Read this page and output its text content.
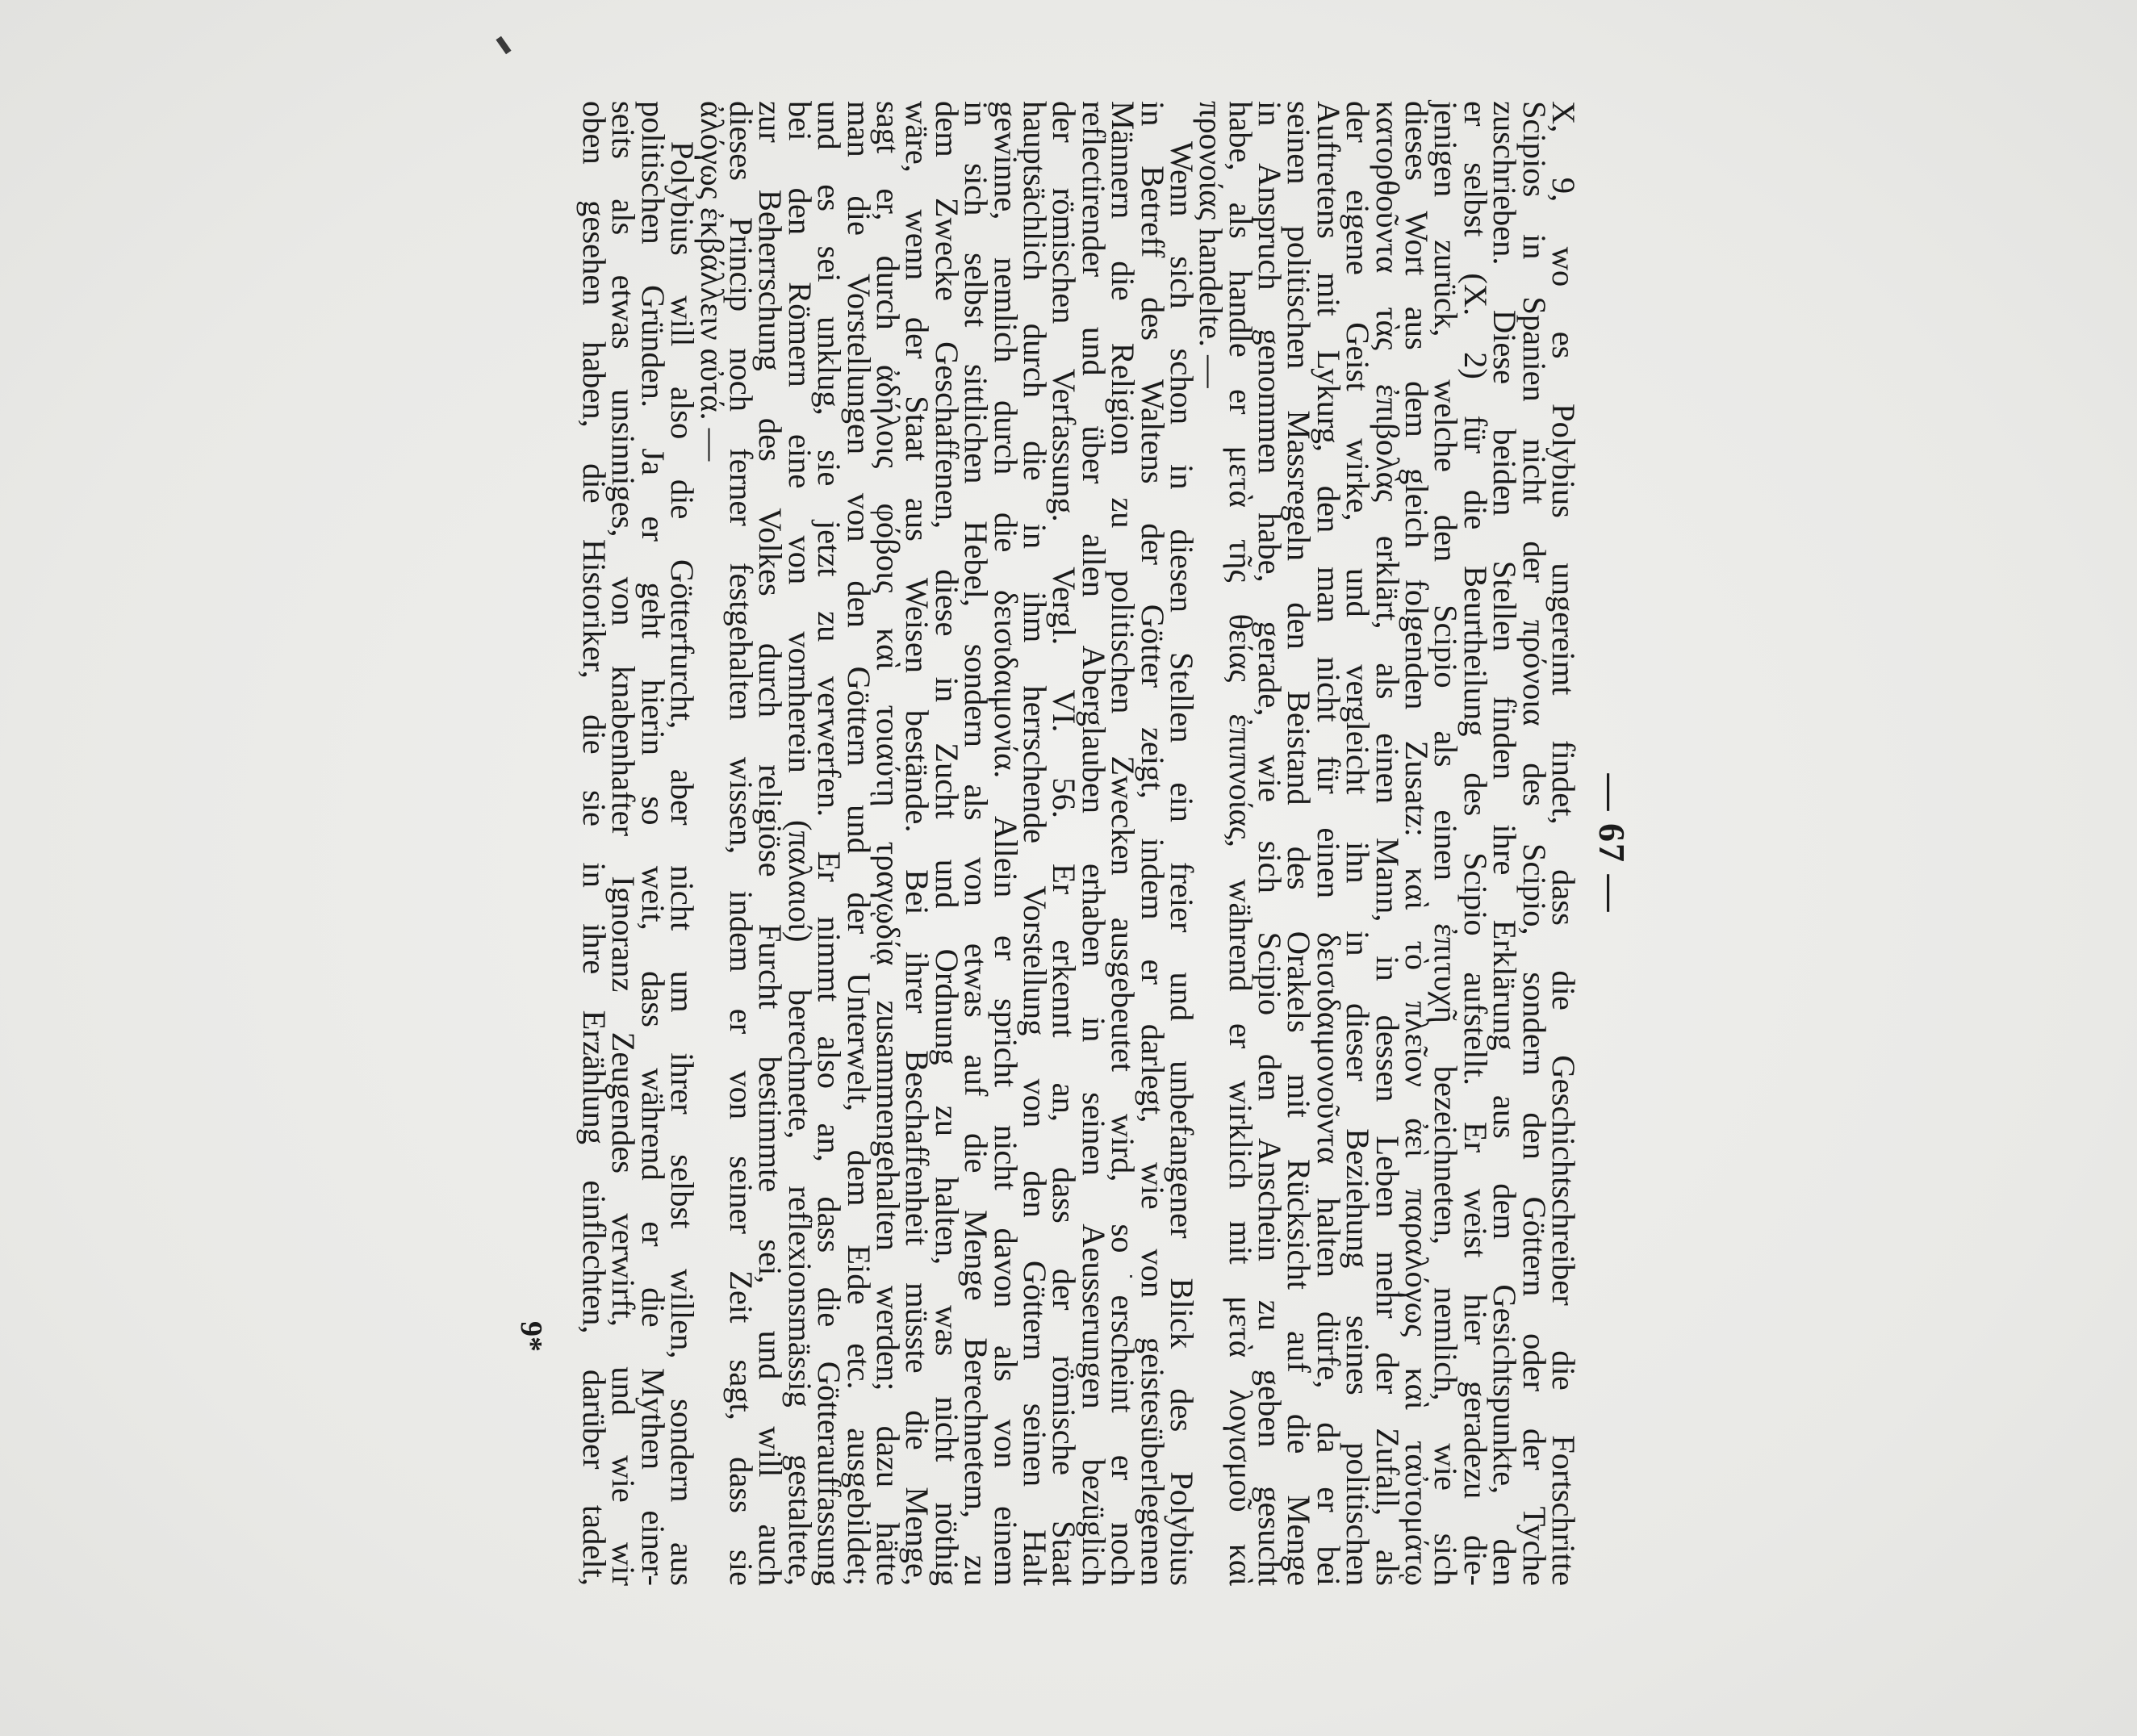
— 67 —
X, 9, wo es Polybius ungereimt findet, dass die Geschichtschreiber die Fortschritte
Scipios in Spanien nicht der πρόνοια des Scipio, sondern den Göttern oder der Tyche
zuschrieben. Diese beiden Stellen finden ihre Erklärung aus dem Gesichtspunkte, den
er selbst (X. 2) für die Beurtheilung des Scipio aufstellt. Er weist hier geradezu die-
jenigen zurück, welche den Scipio als einen ἐπιτυχῆ bezeichneten, nemlich, wie sich
dieses Wort aus dem gleich folgenden Zusatz: καὶ τὸ πλεῖον ἀεὶ παραλόγως καὶ ταὐτομάτῳ
κατορθοῦντα τὰς ἐπιβολὰς erklärt, als einen Mann, in dessen Leben mehr der Zufall, als
der eigene Geist wirke, und vergleicht ihn in dieser Beziehung seines politischen
Auftretens mit Lykurg, den man nicht für einen δεισιδαιμονοῦντα halten dürfe, da er bei
seinen politischen Massregeln den Beistand des Orakels mit Rücksicht auf die Menge
in Anspruch genommen habe, gerade, wie sich Scipio den Anschein zu geben gesucht
habe, als handle er μετὰ τῆς θείας ἐπιπνοίας, während er wirklich mit μετὰ λογισμοῦ καὶ
προνοίας handelte. —
Wenn sich schon in diesen Stellen ein freier und unbefangener Blick des Polybius
in Betreff des Waltens der Götter zeigt, indem er darlegt, wie von geistesüberlegenen
Männern die Religion zu politischen Zwecken ausgebeutet wird, so erscheint er noch
reflectirender und über allen Aberglauben erhaben in seinen Aeusserungen bezüglich
der römischen Verfassung. Vergl. VI. 56. Er erkennt an, dass der römische Staat
hauptsächlich durch die in ihm herrschende Vorstellung von den Göttern seinen Halt
gewinne, nemlich durch die δεισιδαιμονία. Allein er spricht nicht davon als von einem
in sich selbst sittlichen Hebel, sondern als von etwas auf die Menge Berechnetem, zu
dem Zwecke Geschaffenen, diese in Zucht und Ordnung zu halten, was nicht nöthig
wäre, wenn der Staat aus Weisen bestände. Bei ihrer Beschaffenheit müsste die Menge,
sagt er, durch ἀδήλοις φόβοις καὶ τοιαύτῃ τραγῳδίᾳ zusammengehalten werden; dazu hätte
man die Vorstellungen von den Göttern und der Unterwelt, dem Eide etc. ausgebildet;
und es sei unklug, sie jetzt zu verwerfen. Er nimmt also an, dass die Götterauffassung
bei den Römern eine von vornherein (παλαιοί) berechnete, reflexionsmässig gestaltete,
zur Beherrschung des Volkes durch religiöse Furcht bestimmte sei, und will auch
dieses Princip noch ferner festgehalten wissen, indem er von seiner Zeit sagt, dass sie
ἀλόγως ἐκβάλλειν αὐτά. —
Polybius will also die Götterfurcht, aber nicht um ihrer selbst willen, sondern aus
politischen Gründen. Ja er geht hierin so weit, dass während er die Mythen einer-
seits als etwas unsinniges, von knabenhafter Ignoranz Zeugendes verwirft, und wie wir
oben gesehen haben, die Historiker, die sie in ihre Erzählung einflechten, darüber tadelt,
9*
